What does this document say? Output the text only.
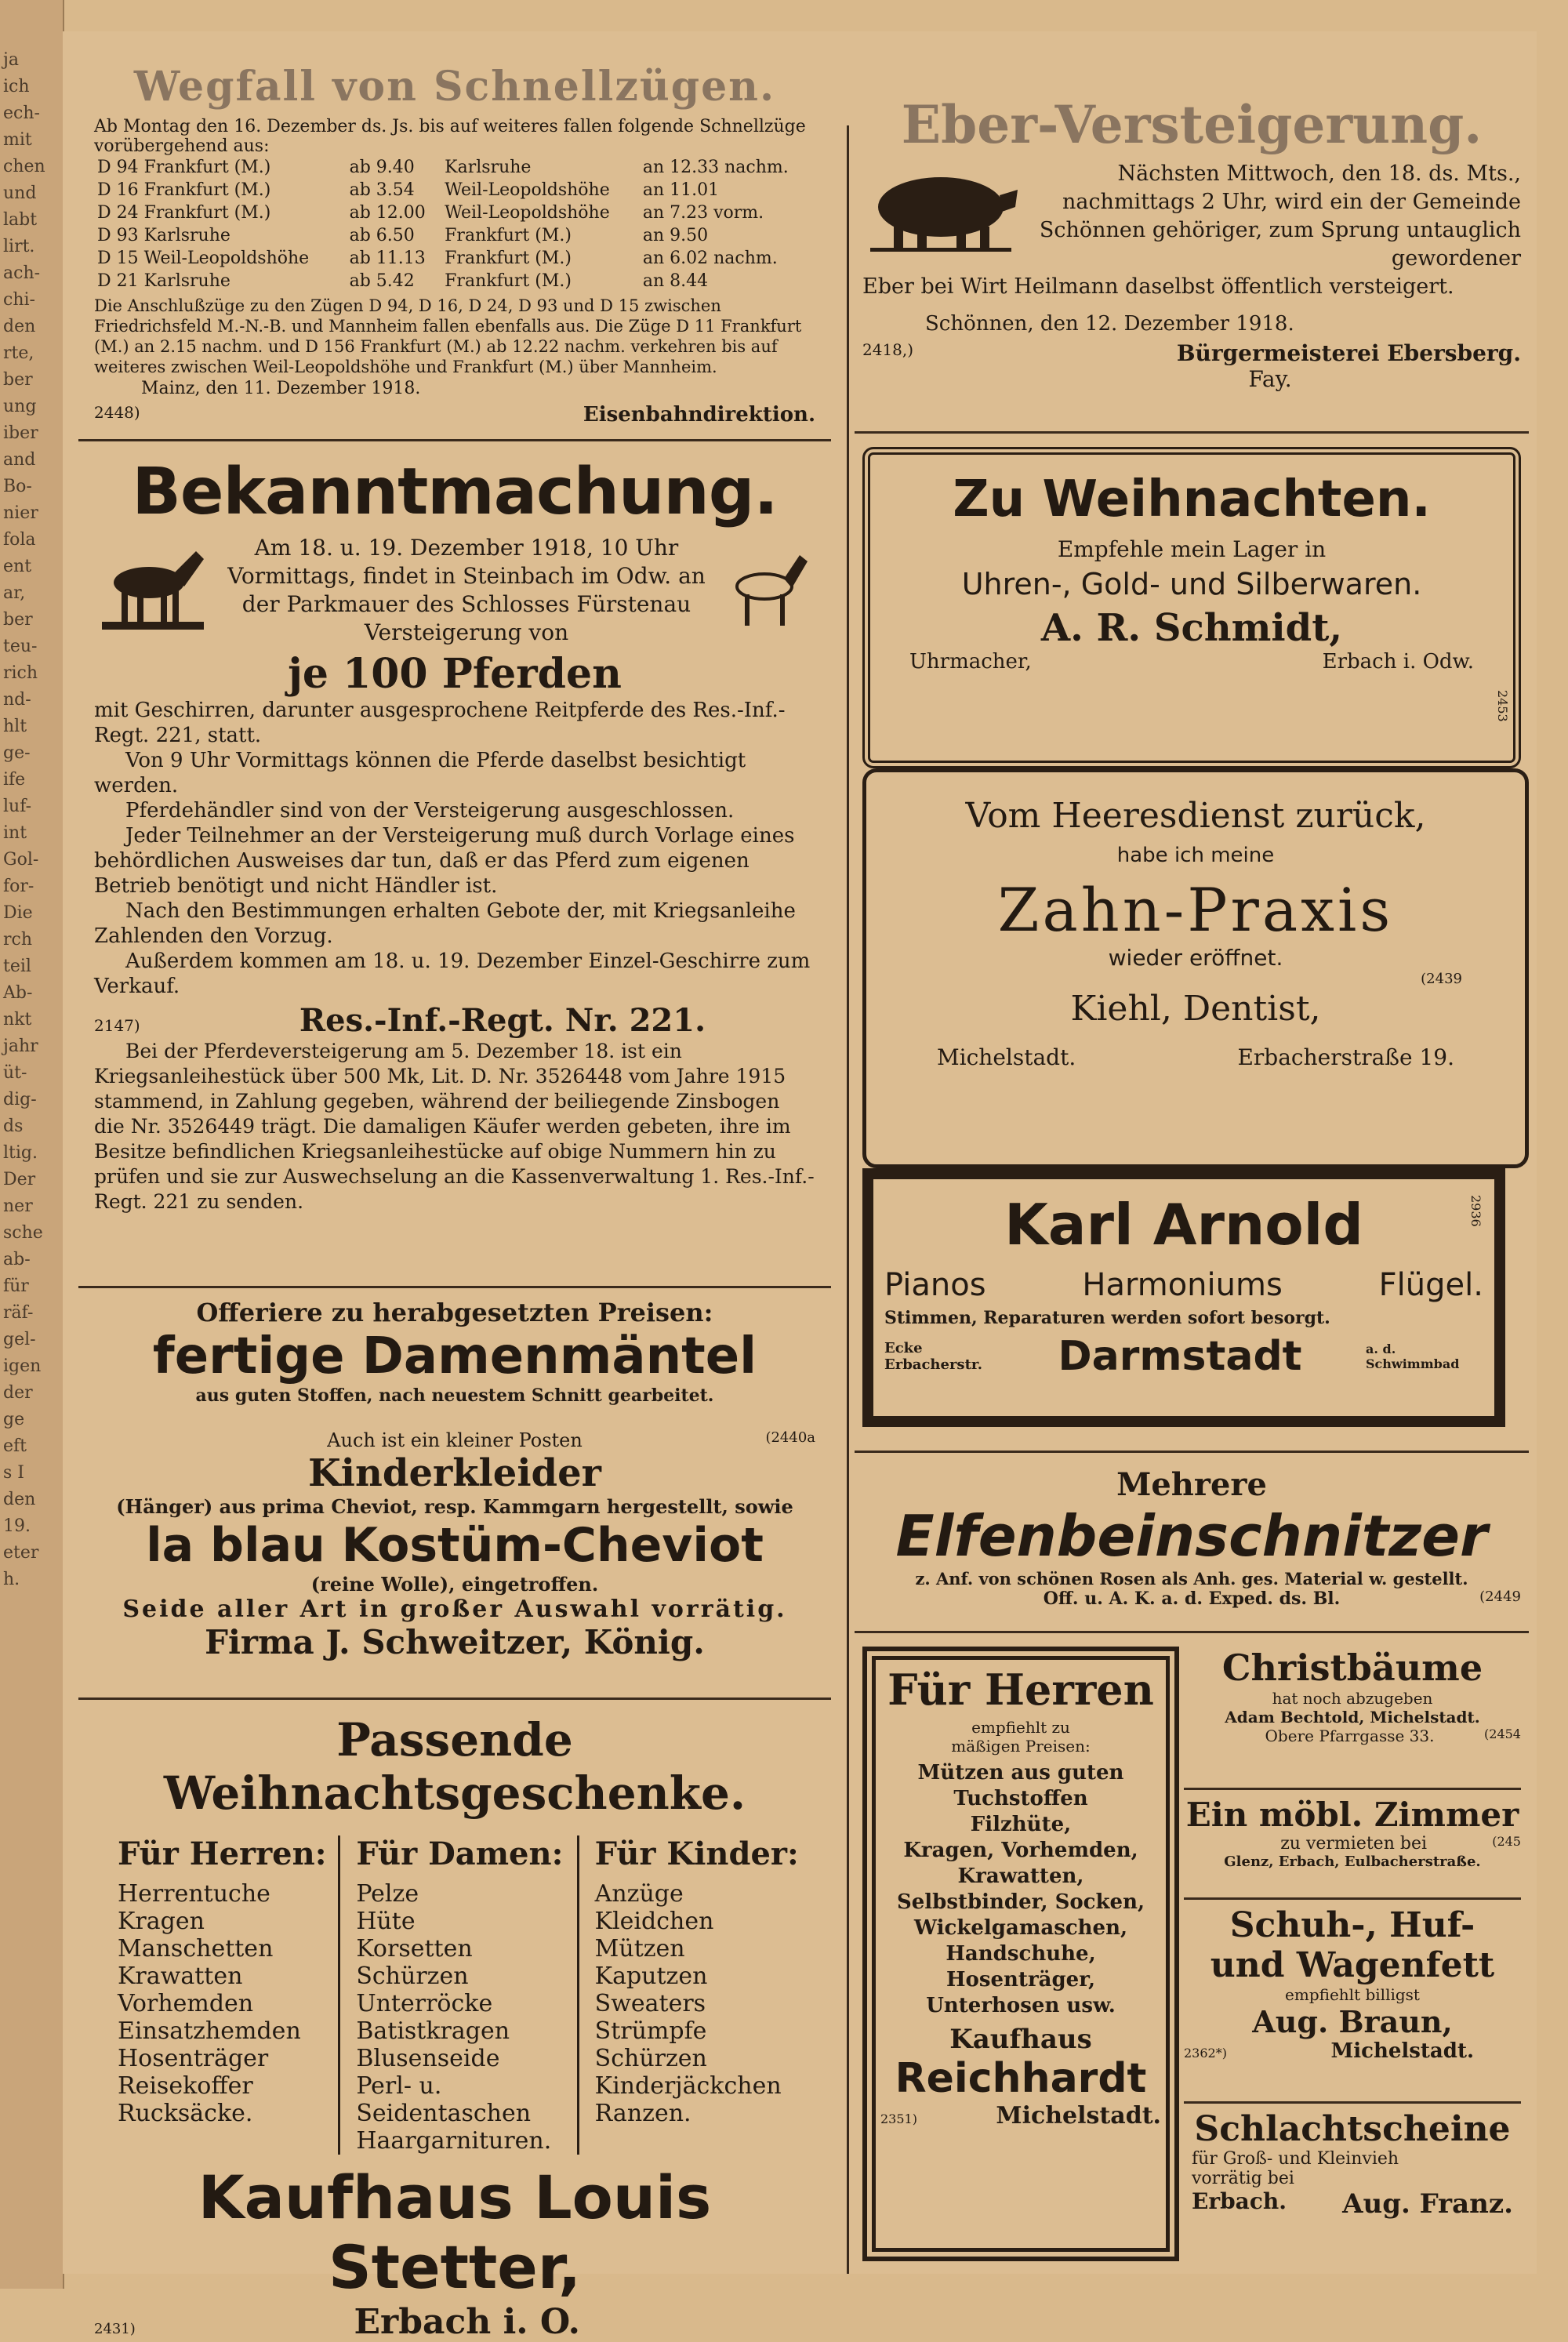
ja
ich
ech-
mit
chen
und
labt
lirt.
ach-
chi-
den
rte,
ber
ung
iber
and
Bo-
nier
fola
ent
ar,
ber
teu-
rich
nd-
hlt
ge-
ife
luf-
int
Gol-
for-
Die
rch
teil
Ab-
nkt
jahr
üt-
dig-
ds
ltig.
Der
ner
sche
ab-
für
räf-
gel-
igen
der
ge
eft
s I
den
19.
eter
h.
Wegfall von Schnellzügen.
Ab Montag den 16. Dezember ds. Js. bis auf weiteres fallen folgende Schnellzüge vorübergehend aus:
D 94 Frankfurt (M.)	ab 9.40	Karlsruhe	an 12.33 nachm.
D 16 Frankfurt (M.)	ab 3.54	Weil-Leopoldshöhe	an 11.01
D 24 Frankfurt (M.)	ab 12.00	Weil-Leopoldshöhe	an 7.23 vorm.
D 93 Karlsruhe	ab 6.50	Frankfurt (M.)	an 9.50
D 15 Weil-Leopoldshöhe	ab 11.13	Frankfurt (M.)	an 6.02 nachm.
D 21 Karlsruhe	ab 5.42	Frankfurt (M.)	an 8.44
Die Anschlußzüge zu den Zügen D 94, D 16, D 24, D 93 und D 15 zwischen Friedrichsfeld M.-N.-B. und Mannheim fallen ebenfalls aus. Die Züge D 11 Frankfurt (M.) an 2.15 nachm. und D 156 Frankfurt (M.) ab 12.22 nachm. verkehren bis auf weiteres zwischen Weil-Leopoldshöhe und Frankfurt (M.) über Mannheim.
Mainz, den 11. Dezember 1918.
2448)	Eisenbahndirektion.
Eber-Versteigerung.
Nächsten Mittwoch, den 18. ds. Mts., nachmittags 2 Uhr, wird ein der Gemeinde Schönnen gehöriger, zum Sprung untauglich gewordener
Eber bei Wirt Heilmann daselbst öffentlich versteigert.
Schönnen, den 12. Dezember 1918.
2418,)	Bürgermeisterei Ebersberg.
Fay.
Bekanntmachung.
Am 18. u. 19. Dezember 1918, 10 Uhr Vormittags, findet in Steinbach im Odw. an der Parkmauer des Schlosses Fürstenau Versteigerung von
je 100 Pferden
mit Geschirren, darunter ausgesprochene Reitpferde des Res.-Inf.-Regt. 221, statt.
Von 9 Uhr Vormittags können die Pferde daselbst besichtigt werden.
Pferdehändler sind von der Versteigerung ausgeschlossen.
Jeder Teilnehmer an der Versteigerung muß durch Vorlage eines behördlichen Ausweises dar tun, daß er das Pferd zum eigenen Betrieb benötigt und nicht Händler ist.
Nach den Bestimmungen erhalten Gebote der, mit Kriegsanleihe Zahlenden den Vorzug.
Außerdem kommen am 18. u. 19. Dezember Einzel-Geschirre zum Verkauf.
2147)	Res.-Inf.-Regt. Nr. 221.
Bei der Pferdeversteigerung am 5. Dezember 18. ist ein Kriegsanleihestück über 500 Mk, Lit. D. Nr. 3526448 vom Jahre 1915 stammend, in Zahlung gegeben, während der beiliegende Zinsbogen die Nr. 3526449 trägt. Die damaligen Käufer werden gebeten, ihre im Besitze befindlichen Kriegsanleihestücke auf obige Nummern hin zu prüfen und sie zur Auswechselung an die Kassenverwaltung 1. Res.-Inf.-Regt. 221 zu senden.
Zu Weihnachten.
Empfehle mein Lager in
Uhren-, Gold- und Silberwaren.
A. R. Schmidt,
Uhrmacher,	Erbach i. Odw.
2453
Vom Heeresdienst zurück,
habe ich meine
Zahn-Praxis
wieder eröffnet.
(2439
Kiehl, Dentist,
Michelstadt.	Erbacherstraße 19.
Karl Arnold	2936
Pianos	Harmoniums	Flügel.
Stimmen, Reparaturen werden sofort besorgt.
Ecke Erbacherstr. Darmstadt	a. d. Schwimmbad
Offeriere zu herabgesetzten Preisen:
fertige Damenmäntel
aus guten Stoffen, nach neuestem Schnitt gearbeitet.
Auch ist ein kleiner Posten	(2440a
Kinderkleider
(Hänger) aus prima Cheviot, resp. Kammgarn hergestellt, sowie
la blau Kostüm-Cheviot
(reine Wolle), eingetroffen.
Seide aller Art in großer Auswahl vorrätig.
Firma J. Schweitzer, König.
Mehrere
Elfenbeinschnitzer
z. Anf. von schönen Rosen als Anh. ges. Material w. gestellt.
Off. u. A. K. a. d. Exped. ds. Bl.	(2449
Passende Weihnachtsgeschenke.
Für Herren:
Herrentuche
Kragen
Manschetten
Krawatten
Vorhemden
Einsatzhemden
Hosenträger
Reisekoffer
Rucksäcke.
Für Damen:
Pelze
Hüte
Korsetten
Schürzen
Unterröcke
Batistkragen
Blusenseide
Perl- u. Seidentaschen
Haargarnituren.
Für Kinder:
Anzüge
Kleidchen
Mützen
Kaputzen
Sweaters
Strümpfe
Schürzen
Kinderjäckchen
Ranzen.
Kaufhaus Louis Stetter,
2431)	Erbach i. O.
Für Herren
empfiehlt zu mäßigen Preisen:
Mützen aus guten Tuchstoffen
Filzhüte,
Kragen, Vorhemden,
Krawatten,
Selbstbinder, Socken,
Wickelgamaschen,
Handschuhe,
Hosenträger,
Unterhosen usw.
Kaufhaus
Reichhardt
2351)	Michelstadt.
Christbäume
hat noch abzugeben
Adam Bechtold, Michelstadt.
Obere Pfarrgasse 33.	(2454
Ein möbl. Zimmer
zu vermieten bei	(245
Glenz, Erbach, Eulbacherstraße.
Schuh-, Huf-
und Wagenfett
empfiehlt billigst
Aug. Braun,
2362*)	Michelstadt.
Schlachtscheine
für Groß- und Kleinvieh
vorrätig bei
Erbach. Aug. Franz.
